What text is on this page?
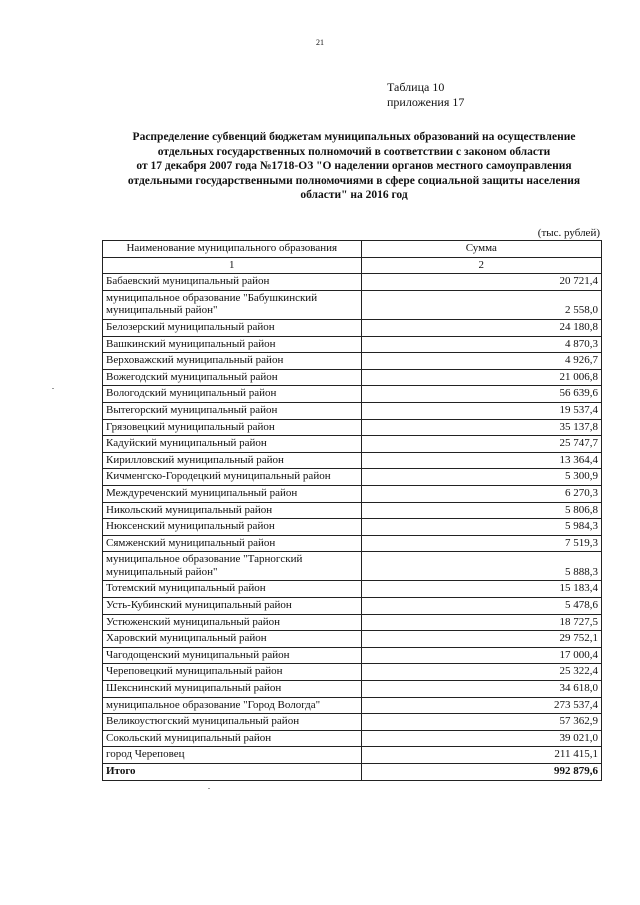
21
Таблица 10
приложения 17
Распределение субвенций бюджетам муниципальных образований на осуществление
отдельных государственных полномочий в соответствии с законом области
от 17 декабря 2007 года №1718-ОЗ "О наделении органов местного самоуправления
отдельными государственными полномочиями в сфере социальной защиты населения
области" на 2016 год
(тыс. рублей)
Наименование муниципального образования	Сумма
1	2
Бабаевский муниципальный район	20 721,4
муниципальное образование "Бабушкинский муниципальный район"	2 558,0
Белозерский муниципальный район	24 180,8
Вашкинский муниципальный район	4 870,3
Верховажский муниципальный район	4 926,7
Вожегодский муниципальный район	21 006,8
Вологодский муниципальный район	56 639,6
Вытегорский муниципальный район	19 537,4
Грязовецкий муниципальный район	35 137,8
Кадуйский муниципальный район	25 747,7
Кирилловский муниципальный район	13 364,4
Кичменгско-Городецкий муниципальный район	5 300,9
Междуреченский муниципальный район	6 270,3
Никольский муниципальный район	5 806,8
Нюксенский муниципальный район	5 984,3
Сямженский муниципальный район	7 519,3
муниципальное образование "Тарногский муниципальный район"	5 888,3
Тотемский муниципальный район	15 183,4
Усть-Кубинский муниципальный район	5 478,6
Устюженский муниципальный район	18 727,5
Харовский муниципальный район	29 752,1
Чагодощенский муниципальный район	17 000,4
Череповецкий муниципальный район	25 322,4
Шекснинский муниципальный район	34 618,0
муниципальное образование "Город Вологда"	273 537,4
Великоустюгский муниципальный район	57 362,9
Сокольский муниципальный район	39 021,0
город Череповец	211 415,1
Итого	992 879,6
